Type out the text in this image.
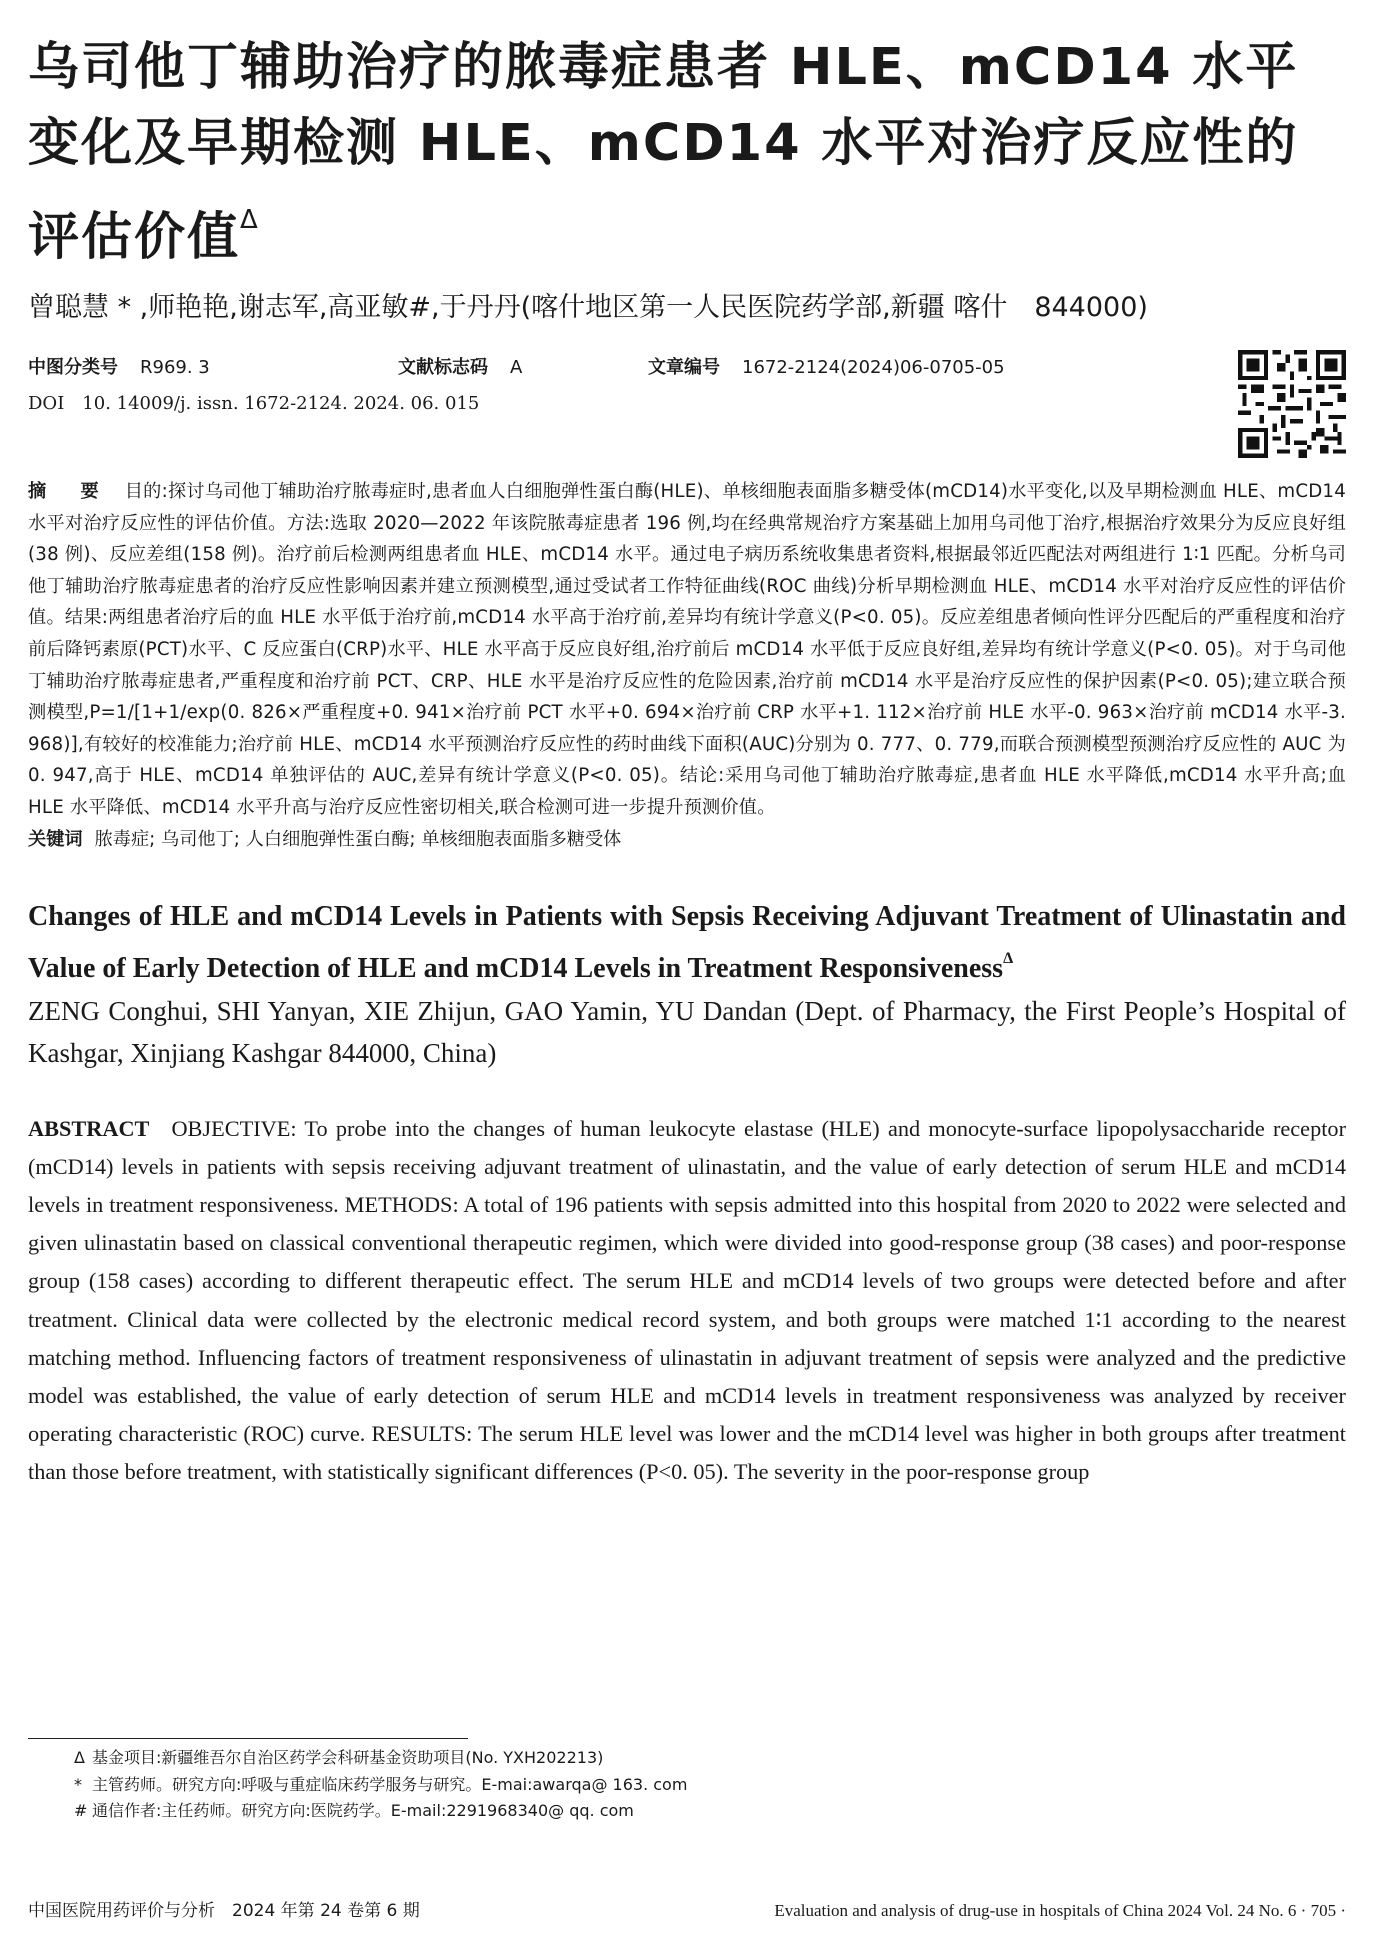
乌司他丁辅助治疗的脓毒症患者 HLE、mCD14 水平变化及早期检测 HLE、mCD14 水平对治疗反应性的评估价值$^\Delta$
曾聪慧 * ,师艳艳,谢志军,高亚敏#,于丹丹(喀什地区第一人民医院药学部,新疆 喀什　844000)
中图分类号 R969. 3	文献标志码 A	文章编号 1672-2124(2024)06-0705-05
DOI　10. 14009/j. issn. 1672-2124. 2024. 06. 015
摘　要 目的:探讨乌司他丁辅助治疗脓毒症时,患者血人白细胞弹性蛋白酶(HLE)、单核细胞表面脂多糖受体(mCD14)水平变化,以及早期检测血 HLE、mCD14 水平对治疗反应性的评估价值。方法:选取 2020—2022 年该院脓毒症患者 196 例,均在经典常规治疗方案基础上加用乌司他丁治疗,根据治疗效果分为反应良好组(38 例)、反应差组(158 例)。治疗前后检测两组患者血 HLE、mCD14 水平。通过电子病历系统收集患者资料,根据最邻近匹配法对两组进行 1∶1 匹配。分析乌司他丁辅助治疗脓毒症患者的治疗反应性影响因素并建立预测模型,通过受试者工作特征曲线(ROC 曲线)分析早期检测血 HLE、mCD14 水平对治疗反应性的评估价值。结果:两组患者治疗后的血 HLE 水平低于治疗前,mCD14 水平高于治疗前,差异均有统计学意义(P<0. 05)。反应差组患者倾向性评分匹配后的严重程度和治疗前后降钙素原(PCT)水平、C 反应蛋白(CRP)水平、HLE 水平高于反应良好组,治疗前后 mCD14 水平低于反应良好组,差异均有统计学意义(P<0. 05)。对于乌司他丁辅助治疗脓毒症患者,严重程度和治疗前 PCT、CRP、HLE 水平是治疗反应性的危险因素,治疗前 mCD14 水平是治疗反应性的保护因素(P<0. 05);建立联合预测模型,P=1/[1+1/exp(0. 826×严重程度+0. 941×治疗前 PCT 水平+0. 694×治疗前 CRP 水平+1. 112×治疗前 HLE 水平-0. 963×治疗前 mCD14 水平-3. 968)],有较好的校准能力;治疗前 HLE、mCD14 水平预测治疗反应性的药时曲线下面积(AUC)分别为 0. 777、0. 779,而联合预测模型预测治疗反应性的 AUC 为 0. 947,高于 HLE、mCD14 单独评估的 AUC,差异有统计学意义(P<0. 05)。结论:采用乌司他丁辅助治疗脓毒症,患者血 HLE 水平降低,mCD14 水平升高;血 HLE 水平降低、mCD14 水平升高与治疗反应性密切相关,联合检测可进一步提升预测价值。
关键词 脓毒症; 乌司他丁; 人白细胞弹性蛋白酶; 单核细胞表面脂多糖受体
Changes of HLE and mCD14 Levels in Patients with Sepsis Receiving Adjuvant Treatment of Ulinastatin and Value of Early Detection of HLE and mCD14 Levels in Treatment Responsiveness$^\Delta$
ZENG Conghui, SHI Yanyan, XIE Zhijun, GAO Yamin, YU Dandan (Dept. of Pharmacy, the First People’s Hospital of Kashgar, Xinjiang Kashgar 844000, China)
ABSTRACT OBJECTIVE: To probe into the changes of human leukocyte elastase (HLE) and monocyte-surface lipopolysaccharide receptor (mCD14) levels in patients with sepsis receiving adjuvant treatment of ulinastatin, and the value of early detection of serum HLE and mCD14 levels in treatment responsiveness. METHODS: A total of 196 patients with sepsis admitted into this hospital from 2020 to 2022 were selected and given ulinastatin based on classical conventional therapeutic regimen, which were divided into good-response group (38 cases) and poor-response group (158 cases) according to different therapeutic effect. The serum HLE and mCD14 levels of two groups were detected before and after treatment. Clinical data were collected by the electronic medical record system, and both groups were matched 1∶1 according to the nearest matching method. Influencing factors of treatment responsiveness of ulinastatin in adjuvant treatment of sepsis were analyzed and the predictive model was established, the value of early detection of serum HLE and mCD14 levels in treatment responsiveness was analyzed by receiver operating characteristic (ROC) curve. RESULTS: The serum HLE level was lower and the mCD14 level was higher in both groups after treatment than those before treatment, with statistically significant differences (P<0. 05). The severity in the poor-response group
Δ 基金项目:新疆维吾尔自治区药学会科研基金资助项目(No. YXH202213)
* 主管药师。研究方向:呼吸与重症临床药学服务与研究。E-mai:awarqa@ 163. com
# 通信作者:主任药师。研究方向:医院药学。E-mail:2291968340@ qq. com
中国医院用药评价与分析　2024 年第 24 卷第 6 期	Evaluation and analysis of drug-use in hospitals of China 2024 Vol. 24 No. 6 · 705 ·
